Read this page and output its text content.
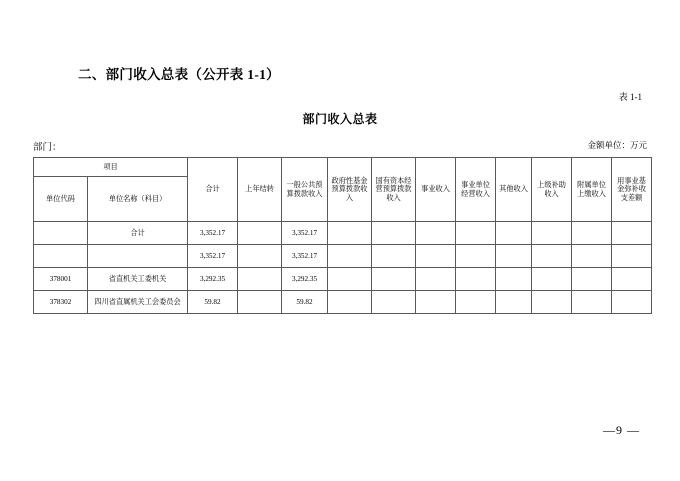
二、部门收入总表（公开表 1-1）
表 1-1
部门收入总表
部门：	金额单位：万元
项目		合计	上年结转	一般公共预算拨款收入	政府性基金预算拨款收入	国有资本经营预算拨款收入	事业收入	事业单位经营收入	其他收入	上级补助收入	附属单位上缴收入	用事业基金弥补收支差额
单位代码	单位名称（科目）											
	合计	3,352.17		3,352.17								
		3,352.17		3,352.17								
378001	省直机关工委机关	3,292.35		3,292.35								
378302	四川省直属机关工会委员会	59.82		59.82								
—9 —
